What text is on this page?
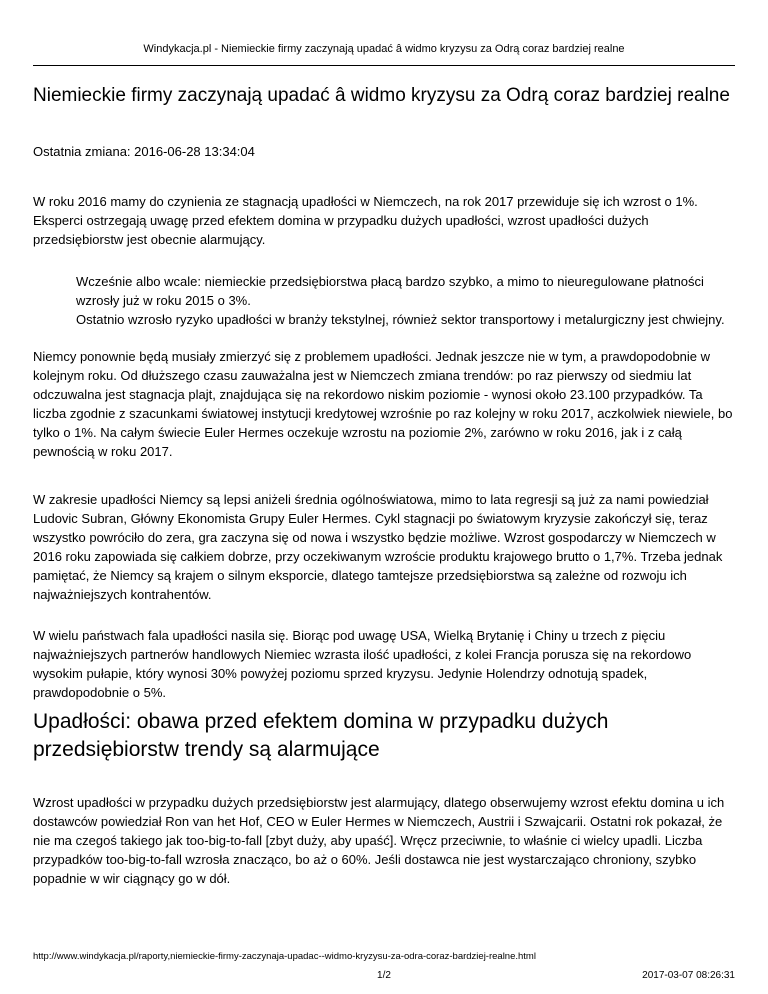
Windykacja.pl - Niemieckie firmy zaczynają upadać â widmo kryzysu za Odrą coraz bardziej realne
Niemieckie firmy zaczynają upadać â widmo kryzysu za Odrą coraz bardziej realne
Ostatnia zmiana: 2016-06-28 13:34:04

W roku 2016 mamy do czynienia ze stagnacją upadłości w Niemczech, na rok 2017 przewiduje się ich wzrost o 1%. Eksperci ostrzegają uwagę przed efektem domina w przypadku dużych upadłości, wzrost upadłości dużych przedsiębiorstw jest obecnie alarmujący.

Wcześnie albo wcale: niemieckie przedsiębiorstwa płacą bardzo szybko, a mimo to nieuregulowane płatności wzrosły już w roku 2015 o 3%.
Ostatnio wzrosło ryzyko upadłości w branży tekstylnej, również sektor transportowy i metalurgiczny jest chwiejny.

Niemcy ponownie będą musiały zmierzyć się z problemem upadłości. Jednak jeszcze nie w tym, a prawdopodobnie w kolejnym roku. Od dłuższego czasu zauważalna jest w Niemczech zmiana trendów: po raz pierwszy od siedmiu lat odczuwalna jest stagnacja plajt, znajdująca się na rekordowo niskim poziomie - wynosi około 23.100 przypadków. Ta liczba zgodnie z szacunkami światowej instytucji kredytowej wzrośnie po raz kolejny w roku 2017, aczkolwiek niewiele, bo tylko o 1%. Na całym świecie Euler Hermes oczekuje wzrostu na poziomie 2%, zarówno w roku 2016, jak i z całą pewnością w roku 2017.

W zakresie upadłości Niemcy są lepsi aniżeli średnia ogólnoświatowa, mimo to lata regresji są już za nami powiedział Ludovic Subran, Główny Ekonomista Grupy Euler Hermes. Cykl stagnacji po światowym kryzysie zakończył się, teraz wszystko powróciło do zera, gra zaczyna się od nowa i wszystko będzie możliwe. Wzrost gospodarczy w Niemczech w 2016 roku zapowiada się całkiem dobrze, przy oczekiwanym wzroście produktu krajowego brutto o 1,7%. Trzeba jednak pamiętać, że Niemcy są krajem o silnym eksporcie, dlatego tamtejsze przedsiębiorstwa są zależne od rozwoju ich najważniejszych kontrahentów.

W wielu państwach fala upadłości nasila się. Biorąc pod uwagę USA, Wielką Brytanię i Chiny u trzech z pięciu najważniejszych partnerów handlowych Niemiec wzrasta ilość upadłości, z kolei Francja porusza się na rekordowo wysokim pułapie, który wynosi 30% powyżej poziomu sprzed kryzysu. Jedynie Holendrzy odnotują spadek, prawdopodobnie o 5%.

Upadłości: obawa przed efektem domina w przypadku dużych przedsiębiorstw trendy są alarmujące

Wzrost upadłości w przypadku dużych przedsiębiorstw jest alarmujący, dlatego obserwujemy wzrost efektu domina u ich dostawców powiedział Ron van het Hof, CEO w Euler Hermes w Niemczech, Austrii i Szwajcarii. Ostatni rok pokazał, że nie ma czegoś takiego jak too-big-to-fall [zbyt duży, aby upaść]. Wręcz przeciwnie, to właśnie ci wielcy upadli. Liczba przypadków too-big-to-fall wzrosła znacząco, bo aż o 60%. Jeśli dostawca nie jest wystarczająco chroniony, szybko popadnie w wir ciągnący go w dół.

http://www.windykacja.pl/raporty,niemieckie-firmy-zaczynaja-upadac--widmo-kryzysu-za-odra-coraz-bardziej-realne.html
1/2	2017-03-07 08:26:31
